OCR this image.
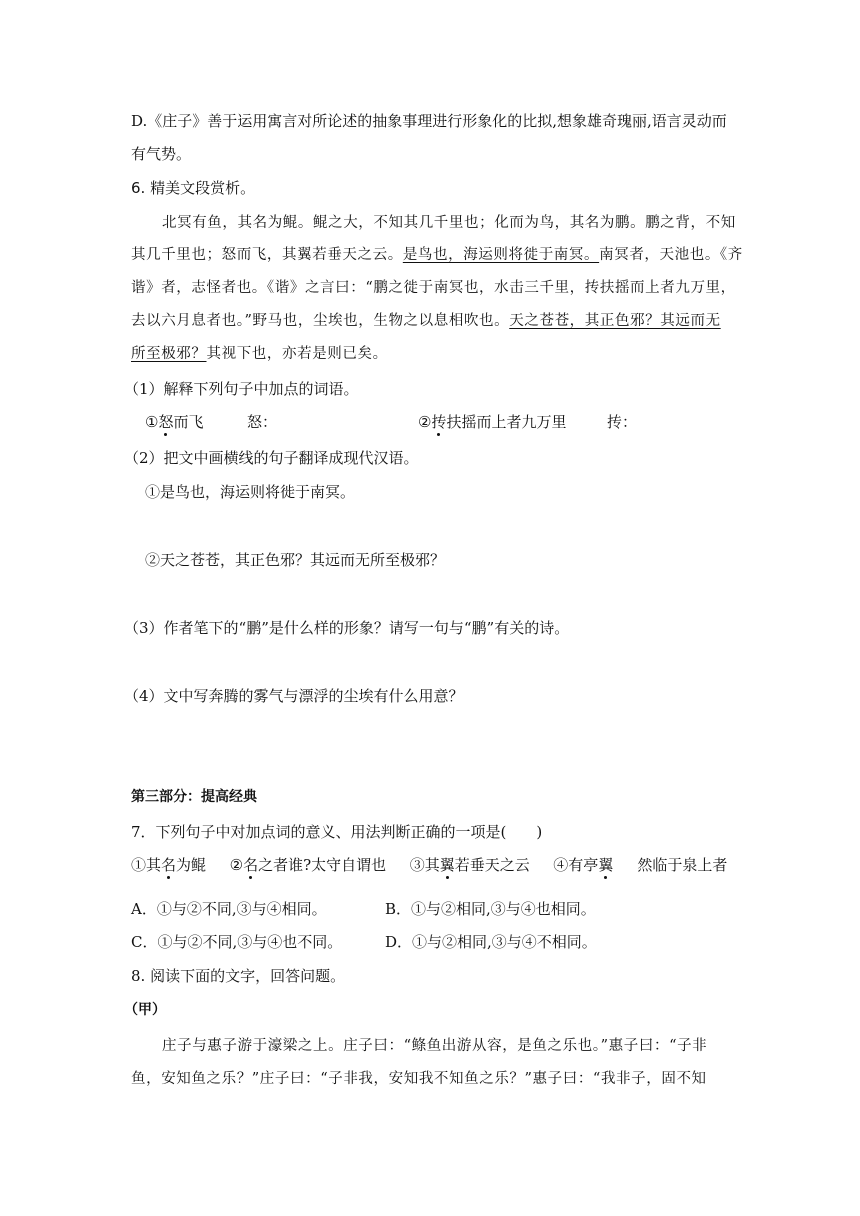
D.《庄子》善于运用寓言对所论述的抽象事理进行形象化的比拟,想象雄奇瑰丽,语言灵动而
有气势。
6. 精美文段赏析。
北冥有鱼，其名为鲲。鲲之大，不知其几千里也；化而为鸟，其名为鹏。鹏之背，不知
其几千里也；怒而飞，其翼若垂天之云。是鸟也，海运则将徙于南冥。南冥者，天池也。《齐
谐》者，志怪者也。《谐》之言曰：“鹏之徙于南冥也，水击三千里，抟扶摇而上者九万里，
去以六月息者也。”野马也，尘埃也，生物之以息相吹也。天之苍苍，其正色邪？其远而无
所至极邪？其视下也，亦若是则已矣。
（1）解释下列句子中加点的词语。
①怒而飞	怒：	②抟扶摇而上者九万里	抟：
（2）把文中画横线的句子翻译成现代汉语。
①是鸟也，海运则将徙于南冥。
②天之苍苍，其正色邪？其远而无所至极邪？
（3）作者笔下的“鹏”是什么样的形象？请写一句与“鹏”有关的诗。
（4）文中写奔腾的雾气与漂浮的尘埃有什么用意？
第三部分：提高经典
7．下列句子中对加点词的意义、用法判断正确的一项是(　　)
①其名为鲲 ②名之者谁?太守自谓也 ③其翼若垂天之云 ④有亭翼 然临于泉上者
A．①与②不同,③与④相同。	B．①与②相同,③与④也相同。
C．①与②不同,③与④也不同。	D．①与②相同,③与④不相同。
8. 阅读下面的文字，回答问题。
（甲）
庄子与惠子游于濠梁之上。庄子曰：“鲦鱼出游从容，是鱼之乐也。”惠子曰：“子非
鱼，安知鱼之乐？”庄子曰：“子非我，安知我不知鱼之乐？”惠子曰：“我非子，固不知
